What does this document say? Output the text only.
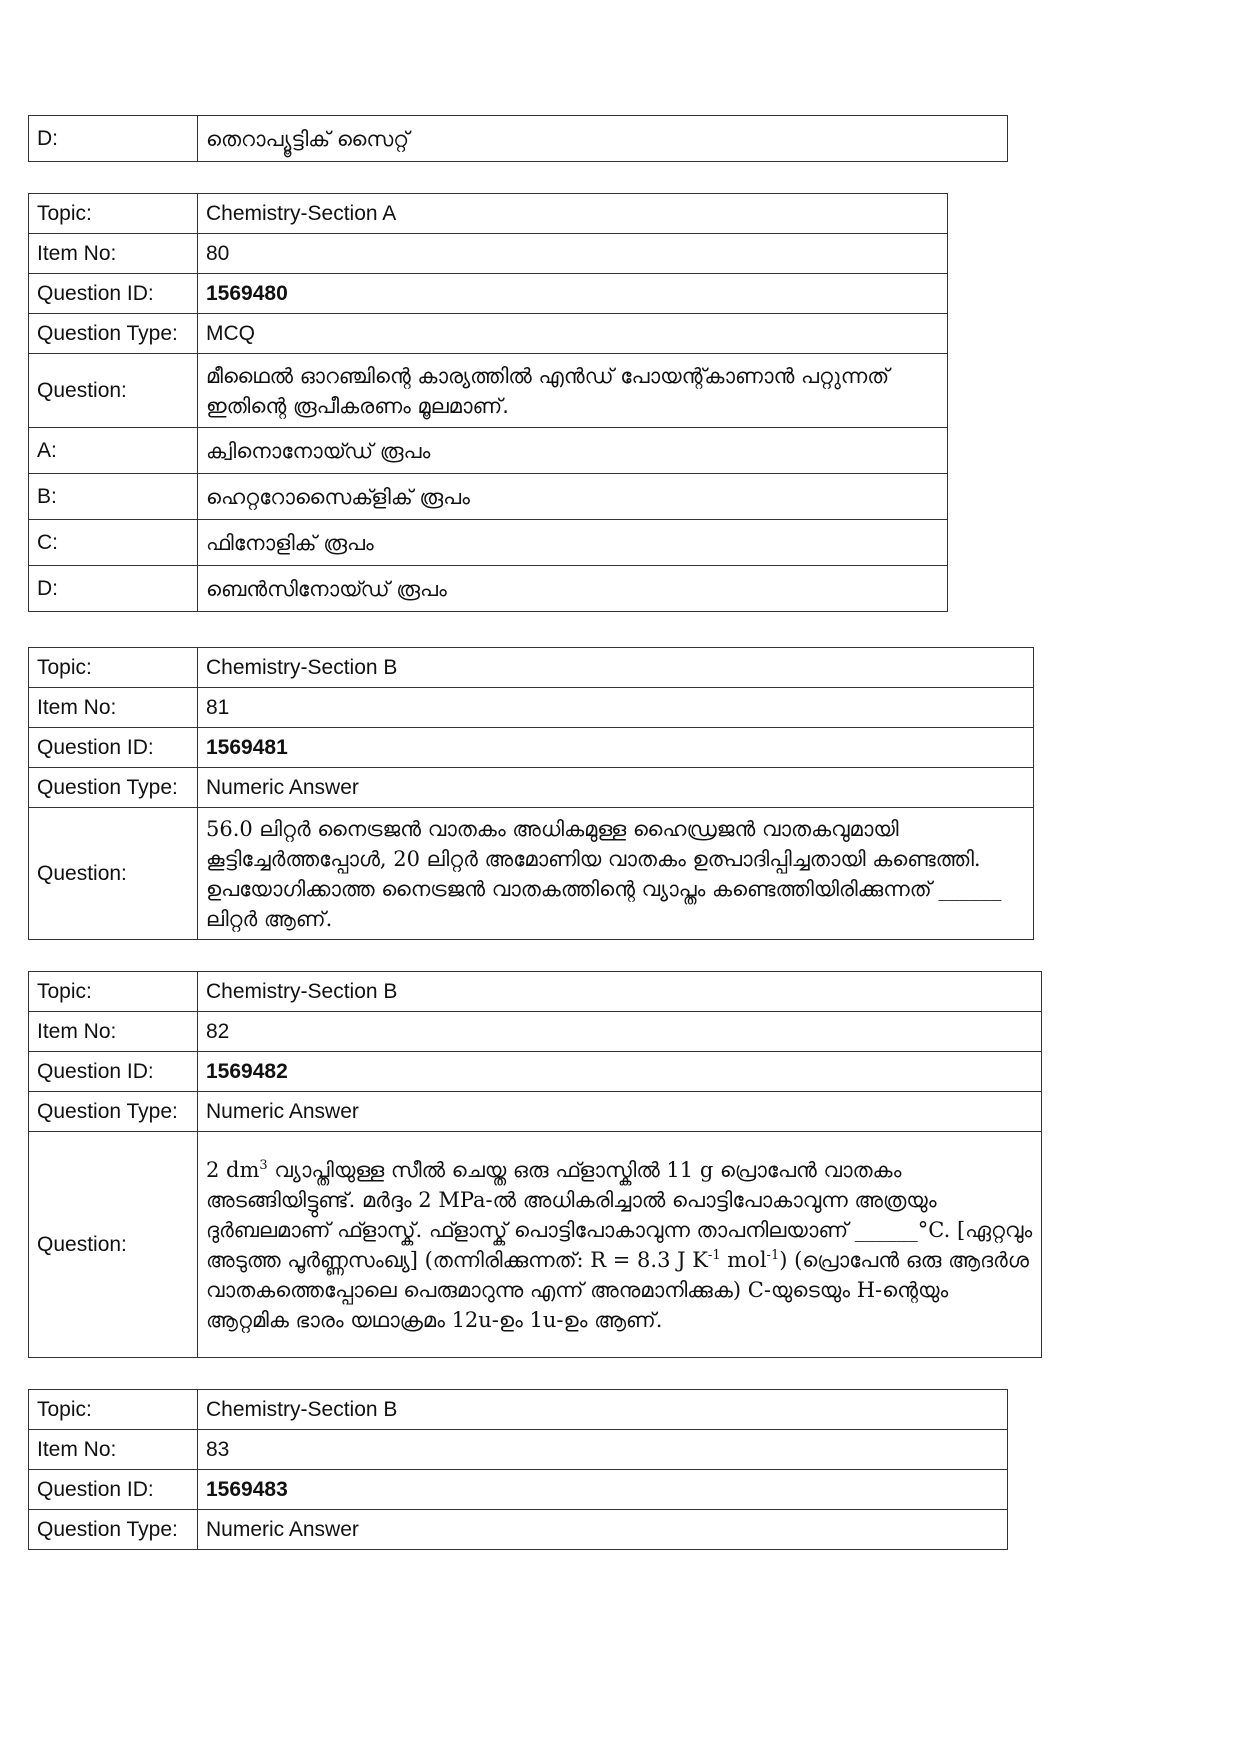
D:	തെറാപ്യൂട്ടിക് സൈറ്റ്
Topic:	Chemistry-Section A
Item No:	80
Question ID:	1569480
Question Type:	MCQ
Question:	മീഥൈൽ ഓറഞ്ചിന്റെ കാര്യത്തിൽ എൻഡ് പോയന്റ്കാണാൻ പറ്റുന്നത് ഇതിന്റെ രൂപീകരണം മൂലമാണ്.
A:	ക്വിനൊനോയ്ഡ് രൂപം
B:	ഹെറ്ററോസൈക്ളിക് രൂപം
C:	ഫിനോളിക് രൂപം
D:	ബെൻസിനോയ്ഡ് രൂപം
Topic:	Chemistry-Section B
Item No:	81
Question ID:	1569481
Question Type:	Numeric Answer
Question:	56.0 ലിറ്റർ നൈട്രജൻ വാതകം അധികമുള്ള ഹൈഡ്രജൻ വാതകവുമായി കൂട്ടിച്ചേർത്തപ്പോൾ, 20 ലിറ്റർ അമോണിയ വാതകം ഉത്പാദിപ്പിച്ചതായി കണ്ടെത്തി. ഉപയോഗിക്കാത്ത നൈട്രജൻ വാതകത്തിന്റെ വ്യാപ്തം കണ്ടെത്തിയിരിക്കുന്നത് ______ ലിറ്റർ ആണ്.
Topic:	Chemistry-Section B
Item No:	82
Question ID:	1569482
Question Type:	Numeric Answer
Question:	2 $dm^3$ വ്യാപ്തിയുള്ള സീൽ ചെയ്ത ഒരു ഫ്ളാസ്കിൽ 11 g പ്രൊപേൻ വാതകം അടങ്ങിയിട്ടുണ്ട്. മർദ്ദം 2 MPa-ൽ അധികരിച്ചാൽ പൊട്ടിപോകാവുന്ന അത്രയും ദുർബലമാണ് ഫ്ളാസ്ക്. ഫ്ളാസ്ക് പൊട്ടിപോകാവുന്ന താപനിലയാണ് ______°C. [ഏറ്റവും അടുത്ത പൂർണ്ണസംഖ്യ] (തന്നിരിക്കുന്നത്: R = 8.3 J $K^{-1}$ mol$^{-1}$) (പ്രൊപേൻ ഒരു ആദർശ വാതകത്തെപ്പോലെ പെരുമാറുന്നു എന്ന് അനുമാനിക്കുക) C-യുടെയും H-ന്റെയും ആറ്റമിക ഭാരം യഥാക്രമം 12u-ഉം 1u-ഉം ആണ്.
Topic:	Chemistry-Section B
Item No:	83
Question ID:	1569483
Question Type:	Numeric Answer
